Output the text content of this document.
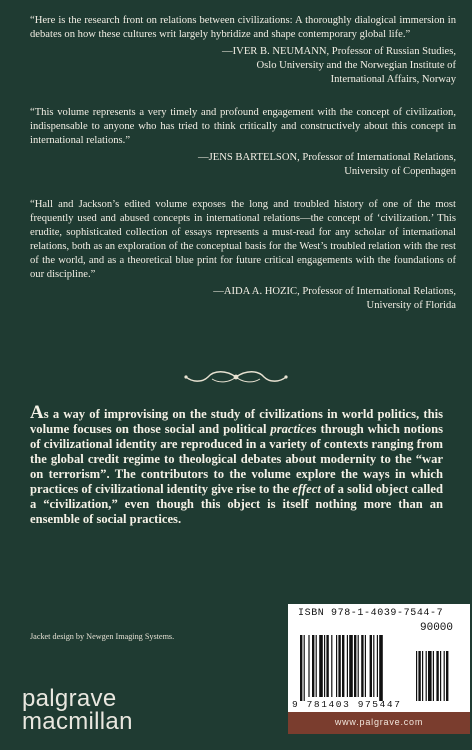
“Here is the research front on relations between civilizations: A thoroughly dialogical immersion in debates on how these cultures writ largely hybridize and shape contemporary global life.”

—IVER B. NEUMANN, Professor of Russian Studies,
Oslo University and the Norwegian Institute of
International Affairs, Norway

“This volume represents a very timely and profound engagement with the concept of civilization, indispensable to anyone who has tried to think critically and constructively about this concept in international relations.”

—JENS BARTELSON, Professor of International Relations,
University of Copenhagen

“Hall and Jackson’s edited volume exposes the long and troubled history of one of the most frequently used and abused concepts in international relations—the concept of ‘civilization.’ This erudite, sophisticated collection of essays represents a must-read for any scholar of international relations, both as an exploration of the conceptual basis for the West’s troubled relation with the rest of the world, and as a theoretical blue print for future critical engagements with the foundations of our discipline.”

—AIDA A. HOZIC, Professor of International Relations,
University of Florida

As a way of improvising on the study of civilizations in world politics, this volume focuses on those social and political practices through which notions of civilizational identity are reproduced in a variety of contexts ranging from the global credit regime to theological debates about modernity to the “war on terrorism”. The contributors to the volume explore the ways in which practices of civilizational identity give rise to the effect of a solid object called a “civilization,” even though this object is itself nothing more than an ensemble of social practices.

Jacket design by Newgen Imaging Systems.

palgrave
macmillan

ISBN 978-1-4039-7544-7

90000

9 781403 975447

www.palgrave.com
